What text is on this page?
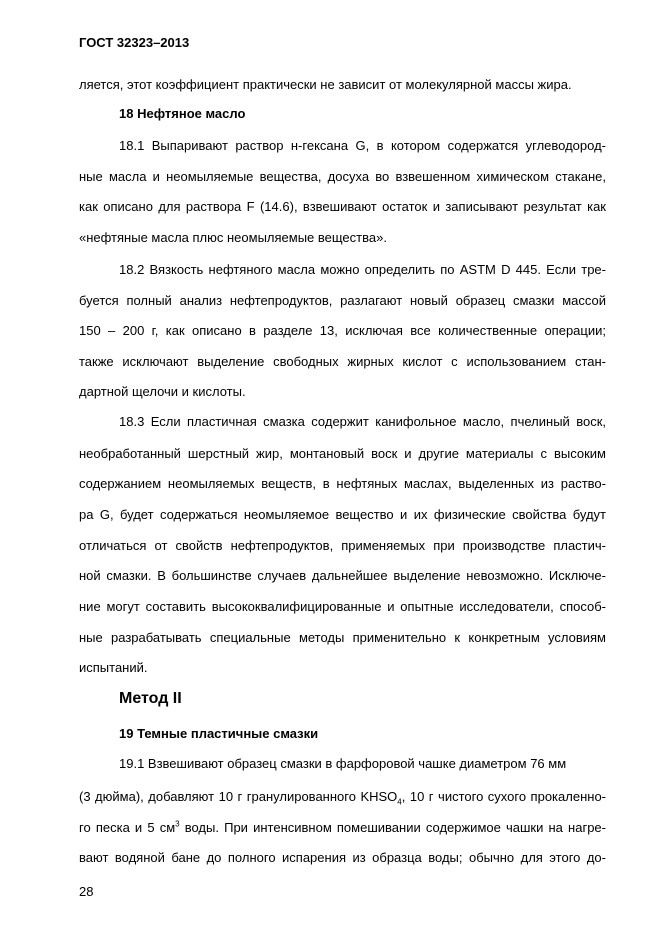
ГОСТ 32323–2013
ляется, этот коэффициент практически не зависит от молекулярной массы жира.
18 Нефтяное масло
18.1 Выпаривают раствор н-гексана G, в котором содержатся углеводород-
ные масла и неомыляемые вещества, досуха во взвешенном химическом стакане,
как описано для раствора F (14.6), взвешивают остаток и записывают результат как
«нефтяные масла плюс неомыляемые вещества».
18.2 Вязкость нефтяного масла можно определить по ASTM D 445. Если тре-
буется полный анализ нефтепродуктов, разлагают новый образец смазки массой
150 – 200 г, как описано в разделе 13, исключая все количественные операции;
также исключают выделение свободных жирных кислот с использованием стан-
дартной щелочи и кислоты.
18.3 Если пластичная смазка содержит канифольное масло, пчелиный воск,
необработанный шерстный жир, монтановый воск и другие материалы с высоким
содержанием неомыляемых веществ, в нефтяных маслах, выделенных из раство-
ра G, будет содержаться неомыляемое вещество и их физические свойства будут
отличаться от свойств нефтепродуктов, применяемых при производстве пластич-
ной смазки. В большинстве случаев дальнейшее выделение невозможно. Исключе-
ние могут составить высококвалифицированные и опытные исследователи, способ-
ные разрабатывать специальные методы применительно к конкретным условиям
испытаний.
Метод II
19 Темные пластичные смазки
19.1 Взвешивают образец смазки в фарфоровой чашке диаметром 76 мм
(3 дюйма), добавляют 10 г гранулированного $KHSO_4$, 10 г чистого сухого прокаленно-
го песка и 5 $см^3$ воды. При интенсивном помешивании содержимое чашки на нагре-
вают водяной бане до полного испарения из образца воды; обычно для этого до-
28
